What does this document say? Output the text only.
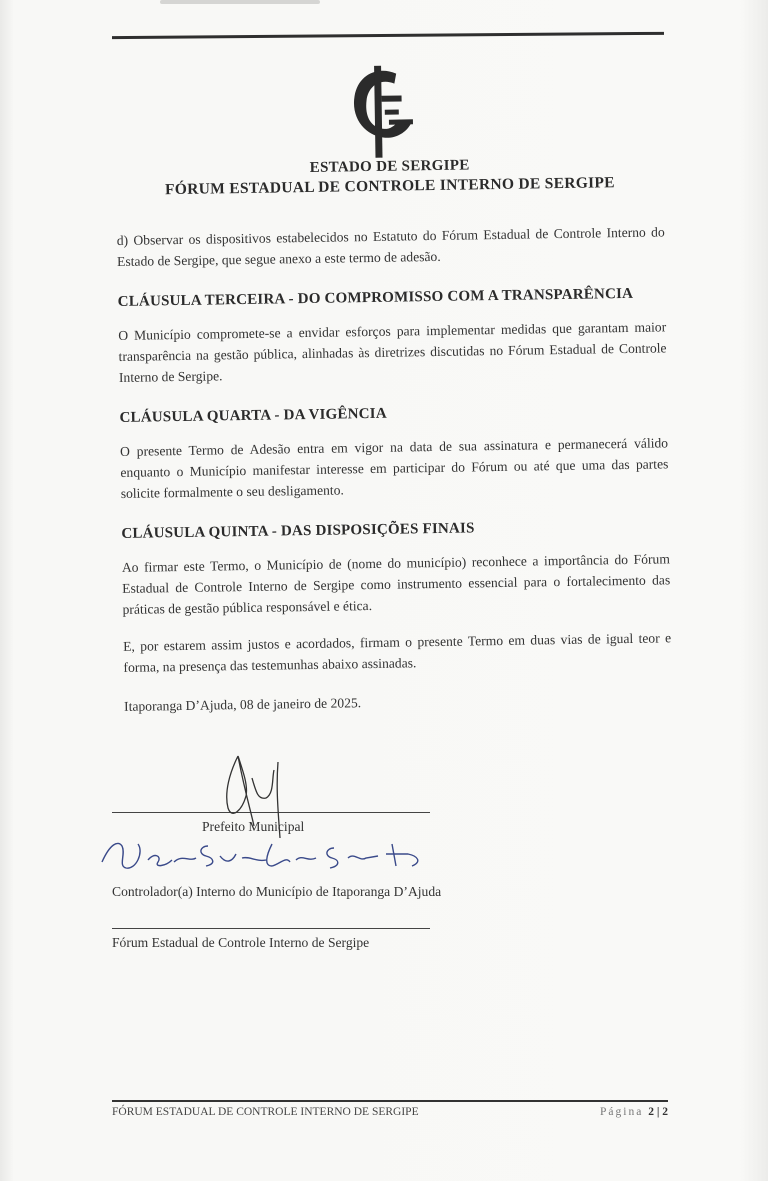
ESTADO DE SERGIPE
FÓRUM ESTADUAL DE CONTROLE INTERNO DE SERGIPE

d) Observar os dispositivos estabelecidos no Estatuto do Fórum Estadual de Controle Interno do Estado de Sergipe, que segue anexo a este termo de adesão.

CLÁUSULA TERCEIRA - DO COMPROMISSO COM A TRANSPARÊNCIA

O Município compromete-se a envidar esforços para implementar medidas que garantam maior transparência na gestão pública, alinhadas às diretrizes discutidas no Fórum Estadual de Controle Interno de Sergipe.

CLÁUSULA QUARTA - DA VIGÊNCIA

O presente Termo de Adesão entra em vigor na data de sua assinatura e permanecerá válido enquanto o Município manifestar interesse em participar do Fórum ou até que uma das partes solicite formalmente o seu desligamento.

CLÁUSULA QUINTA - DAS DISPOSIÇÕES FINAIS

Ao firmar este Termo, o Município de (nome do município) reconhece a importância do Fórum Estadual de Controle Interno de Sergipe como instrumento essencial para o fortalecimento das práticas de gestão pública responsável e ética.

E, por estarem assim justos e acordados, firmam o presente Termo em duas vias de igual teor e forma, na presença das testemunhas abaixo assinadas.

Itaporanga D’Ajuda, 08 de janeiro de 2025.

Prefeito Municipal
Controlador(a) Interno do Município de Itaporanga D’Ajuda
Fórum Estadual de Controle Interno de Sergipe
FÓRUM ESTADUAL DE CONTROLE INTERNO DE SERGIPE	Página 2 | 2
